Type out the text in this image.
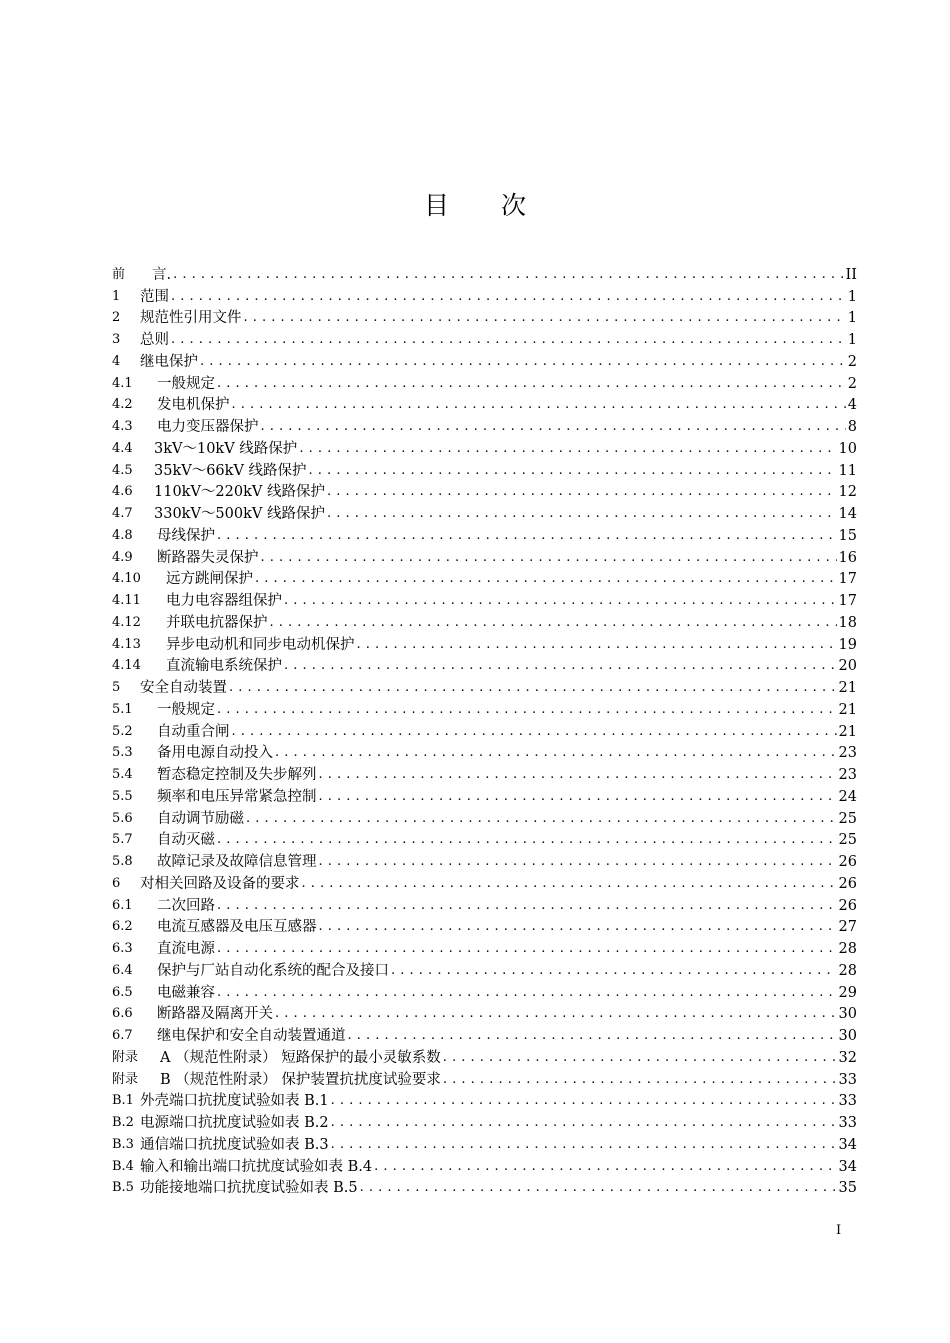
目 次
前	言. . . .	II
1	范围 . . .	1
2	规范性引用文件 . . .	1
3	总则 . . .	1
4	继电保护 . . .	2
4.1	一般规定 . . .	2
4.2	发电机保护 . . .	4
4.3	电力变压器保护 . . .	8
4.4	3kV～10kV 线路保护 . . .	10
4.5	35kV～66kV 线路保护 . . .	11
4.6	110kV～220kV 线路保护 . . .	12
4.7	330kV～500kV 线路保护 . . .	14
4.8	母线保护 . . .	15
4.9	断路器失灵保护 . . .	16
4.10	远方跳闸保护 . . .	17
4.11	电力电容器组保护 . . .	17
4.12	并联电抗器保护 . . .	18
4.13	异步电动机和同步电动机保护 . . .	19
4.14	直流输电系统保护 . . .	20
5	安全自动装置 . . .	21
5.1	一般规定 . . .	21
5.2	自动重合闸 . . .	21
5.3	备用电源自动投入 . . .	23
5.4	暂态稳定控制及失步解列 . . .	23
5.5	频率和电压异常紧急控制 . . .	24
5.6	自动调节励磁 . . .	25
5.7	自动灭磁 . . .	25
5.8	故障记录及故障信息管理 . . .	26
6	对相关回路及设备的要求 . . .	26
6.1	二次回路 . . .	26
6.2	电流互感器及电压互感器 . . .	27
6.3	直流电源 . . .	28
6.4	保护与厂站自动化系统的配合及接口 . . .	28
6.5	电磁兼容 . . .	29
6.6	断路器及隔离开关 . . .	30
6.7	继电保护和安全自动装置通道 . . .	30
附录	A （规范性附录） 短路保护的最小灵敏系数 . . .	32
附录	B （规范性附录） 保护装置抗扰度试验要求 . . .	33
B.1 外壳端口抗扰度试验如表 B.1 . . .	33
B.2 电源端口抗扰度试验如表 B.2 . . .	33
B.3 通信端口抗扰度试验如表 B.3 . . .	34
B.4 输入和输出端口抗扰度试验如表 B.4 . . .	34
B.5 功能接地端口抗扰度试验如表 B.5 . . .	35
I
